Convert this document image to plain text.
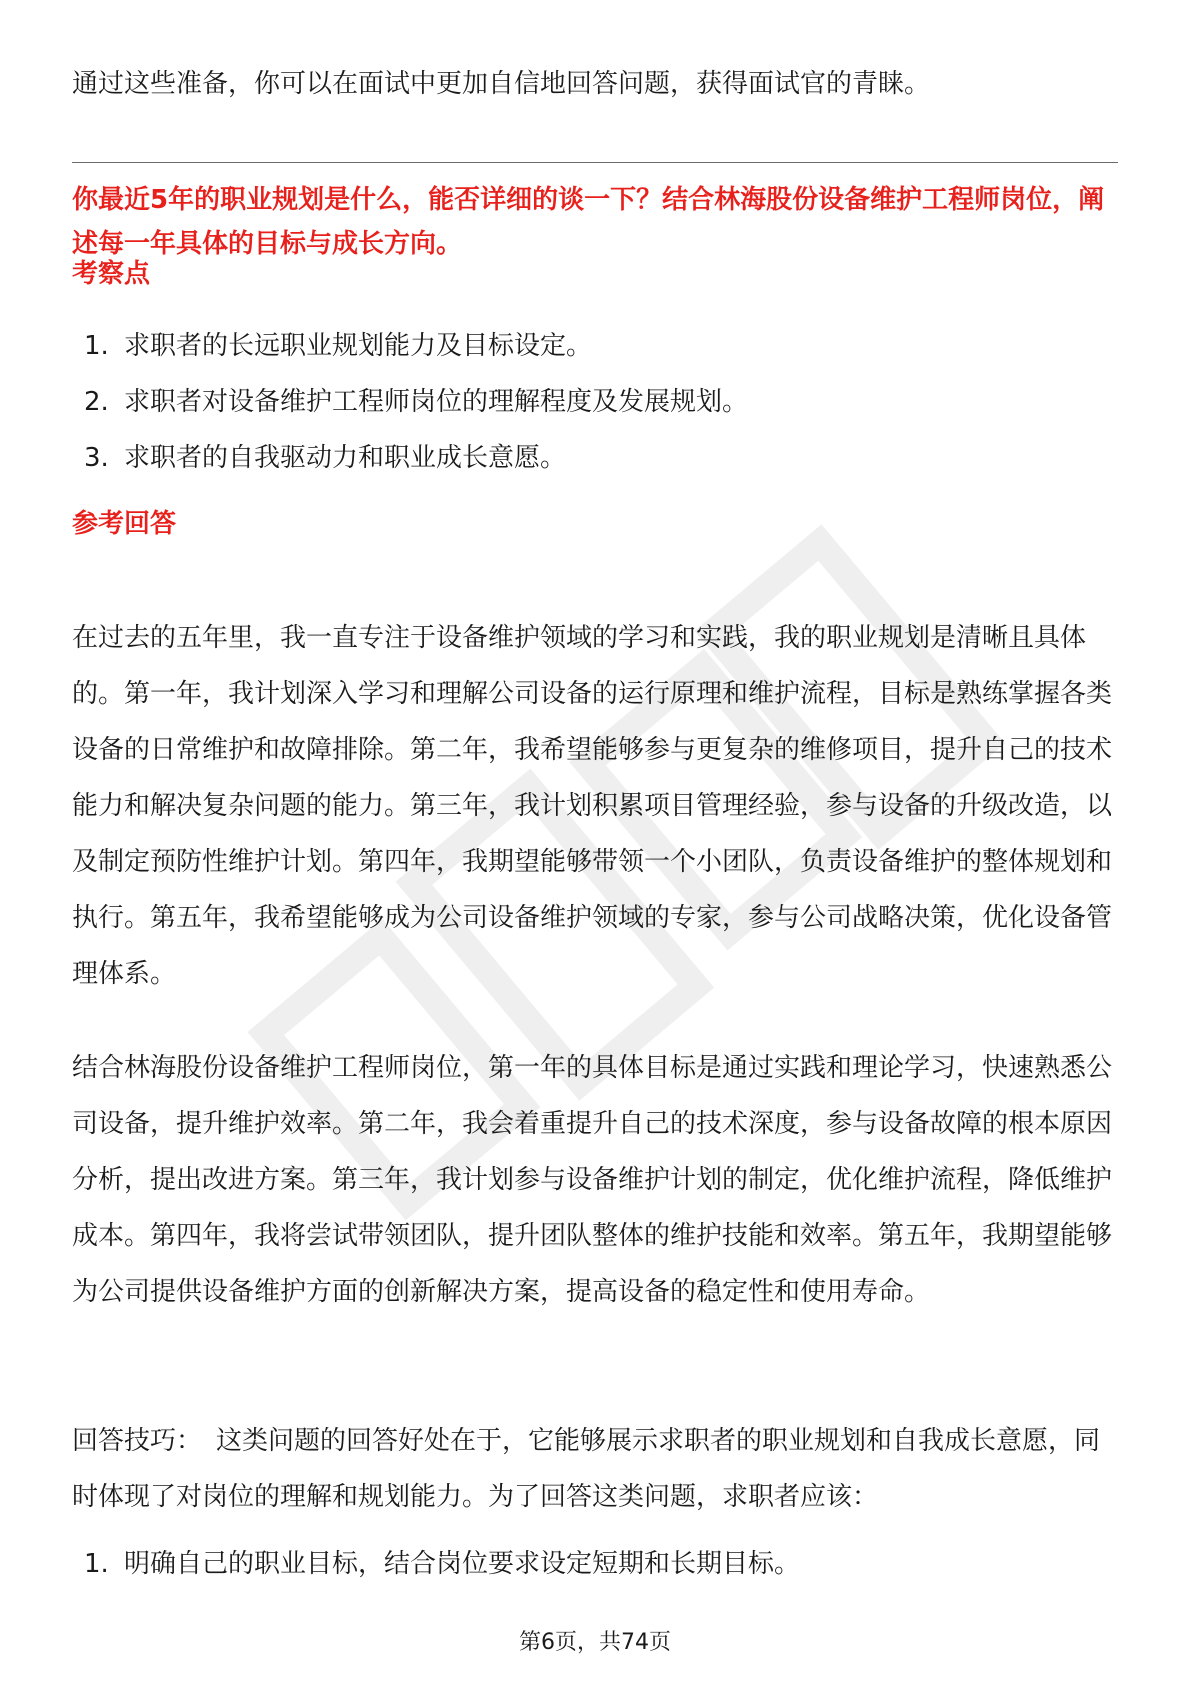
通过这些准备，你可以在面试中更加自信地回答问题，获得面试官的青睐。

你最近5年的职业规划是什么，能否详细的谈一下？结合林海股份设备维护工程师岗位，阐述每一年具体的目标与成长方向。

考察点

1. 求职者的长远职业规划能力及目标设定。
2. 求职者对设备维护工程师岗位的理解程度及发展规划。
3. 求职者的自我驱动力和职业成长意愿。

参考回答

在过去的五年里，我一直专注于设备维护领域的学习和实践，我的职业规划是清晰且具体的。第一年，我计划深入学习和理解公司设备的运行原理和维护流程，目标是熟练掌握各类设备的日常维护和故障排除。第二年，我希望能够参与更复杂的维修项目，提升自己的技术能力和解决复杂问题的能力。第三年，我计划积累项目管理经验，参与设备的升级改造，以及制定预防性维护计划。第四年，我期望能够带领一个小团队，负责设备维护的整体规划和执行。第五年，我希望能够成为公司设备维护领域的专家，参与公司战略决策，优化设备管理体系。

结合林海股份设备维护工程师岗位，第一年的具体目标是通过实践和理论学习，快速熟悉公司设备，提升维护效率。第二年，我会着重提升自己的技术深度，参与设备故障的根本原因分析，提出改进方案。第三年，我计划参与设备维护计划的制定，优化维护流程，降低维护成本。第四年，我将尝试带领团队，提升团队整体的维护技能和效率。第五年，我期望能够为公司提供设备维护方面的创新解决方案，提高设备的稳定性和使用寿命。

回答技巧： 这类问题的回答好处在于，它能够展示求职者的职业规划和自我成长意愿，同时体现了对岗位的理解和规划能力。为了回答这类问题，求职者应该：

1. 明确自己的职业目标，结合岗位要求设定短期和长期目标。
第6页，共74页
